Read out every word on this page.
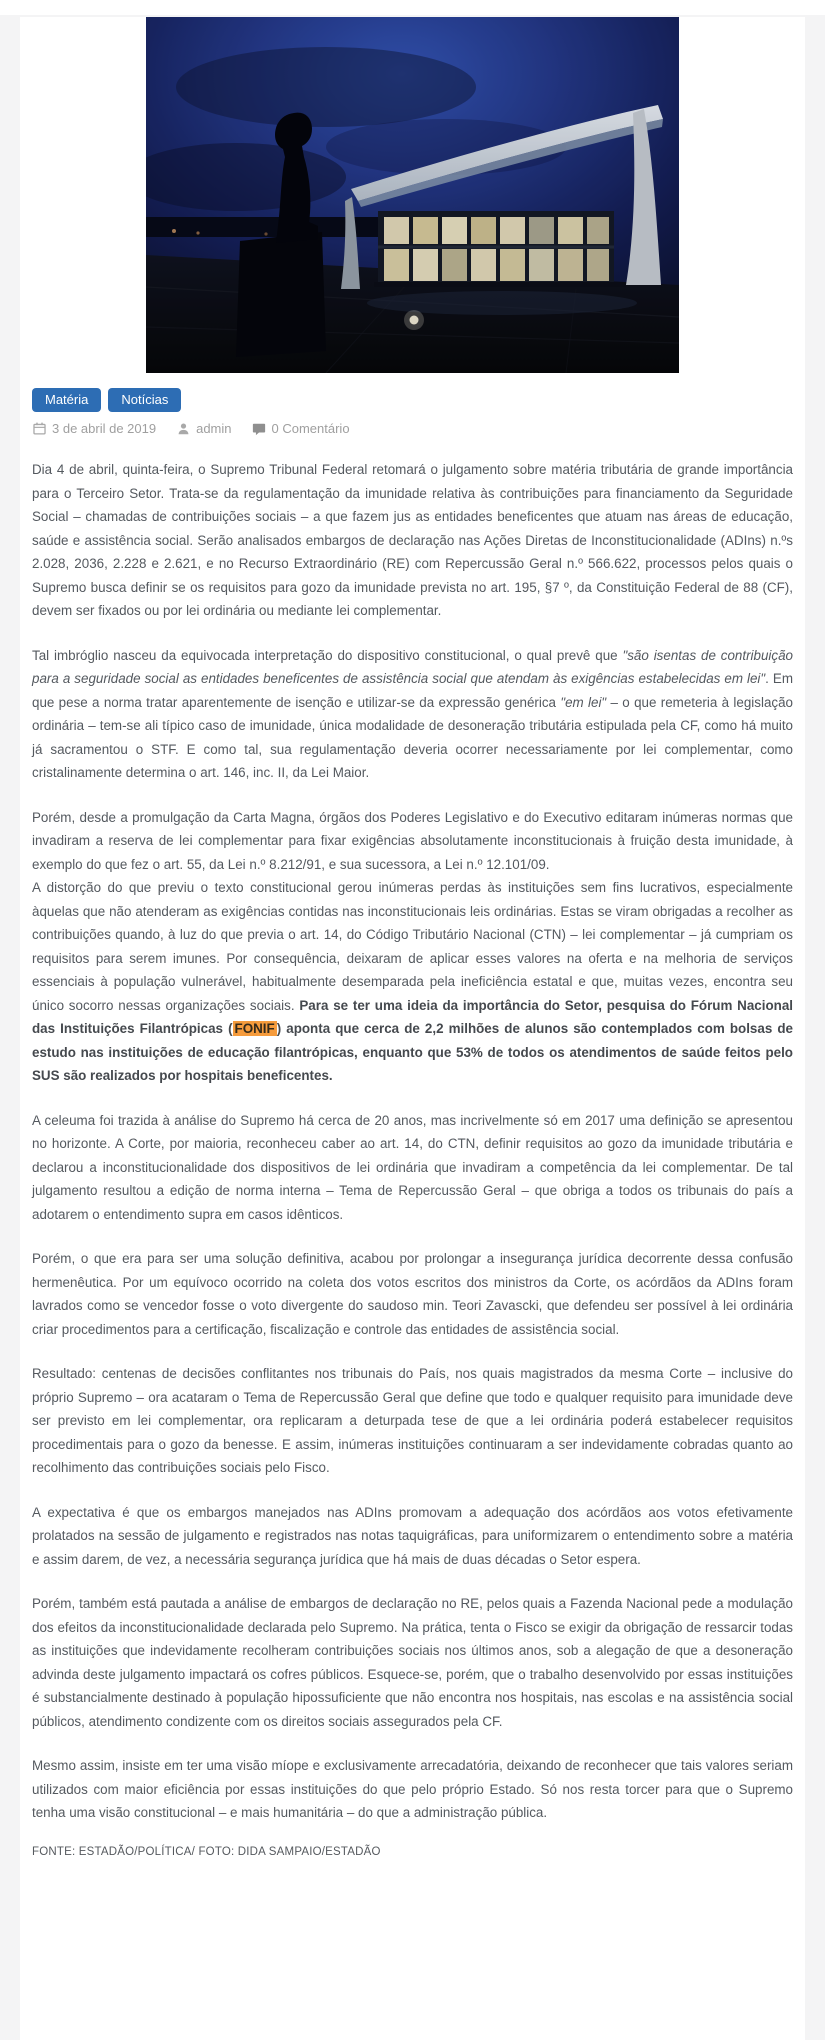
Matéria	Notícias
3 de abril de 2019	admin	0 Comentário

Dia 4 de abril, quinta-feira, o Supremo Tribunal Federal retomará o julgamento sobre matéria tributária de grande importância para o Terceiro Setor. Trata-se da regulamentação da imunidade relativa às contribuições para financiamento da Seguridade Social – chamadas de contribuições sociais – a que fazem jus as entidades beneficentes que atuam nas áreas de educação, saúde e assistência social. Serão analisados embargos de declaração nas Ações Diretas de Inconstitucionalidade (ADIns) n.ºs 2.028, 2036, 2.228 e 2.621, e no Recurso Extraordinário (RE) com Repercussão Geral n.º 566.622, processos pelos quais o Supremo busca definir se os requisitos para gozo da imunidade prevista no art. 195, §7 º, da Constituição Federal de 88 (CF), devem ser fixados ou por lei ordinária ou mediante lei complementar.

Tal imbróglio nasceu da equivocada interpretação do dispositivo constitucional, o qual prevê que "são isentas de contribuição para a seguridade social as entidades beneficentes de assistência social que atendam às exigências estabelecidas em lei". Em que pese a norma tratar aparentemente de isenção e utilizar-se da expressão genérica "em lei" – o que remeteria à legislação ordinária – tem-se ali típico caso de imunidade, única modalidade de desoneração tributária estipulada pela CF, como há muito já sacramentou o STF. E como tal, sua regulamentação deveria ocorrer necessariamente por lei complementar, como cristalinamente determina o art. 146, inc. II, da Lei Maior.

Porém, desde a promulgação da Carta Magna, órgãos dos Poderes Legislativo e do Executivo editaram inúmeras normas que invadiram a reserva de lei complementar para fixar exigências absolutamente inconstitucionais à fruição desta imunidade, à exemplo do que fez o art. 55, da Lei n.º 8.212/91, e sua sucessora, a Lei n.º 12.101/09.

A distorção do que previu o texto constitucional gerou inúmeras perdas às instituições sem fins lucrativos, especialmente àquelas que não atenderam as exigências contidas nas inconstitucionais leis ordinárias. Estas se viram obrigadas a recolher as contribuições quando, à luz do que previa o art. 14, do Código Tributário Nacional (CTN) – lei complementar – já cumpriam os requisitos para serem imunes. Por consequência, deixaram de aplicar esses valores na oferta e na melhoria de serviços essenciais à população vulnerável, habitualmente desemparada pela ineficiência estatal e que, muitas vezes, encontra seu único socorro nessas organizações sociais. Para se ter uma ideia da importância do Setor, pesquisa do Fórum Nacional das Instituições Filantrópicas ( FONIF ) aponta que cerca de 2,2 milhões de alunos são contemplados com bolsas de estudo nas instituições de educação filantrópicas, enquanto que 53% de todos os atendimentos de saúde feitos pelo SUS são realizados por hospitais beneficentes.

A celeuma foi trazida à análise do Supremo há cerca de 20 anos, mas incrivelmente só em 2017 uma definição se apresentou no horizonte. A Corte, por maioria, reconheceu caber ao art. 14, do CTN, definir requisitos ao gozo da imunidade tributária e declarou a inconstitucionalidade dos dispositivos de lei ordinária que invadiram a competência da lei complementar. De tal julgamento resultou a edição de norma interna – Tema de Repercussão Geral – que obriga a todos os tribunais do país a adotarem o entendimento supra em casos idênticos.

Porém, o que era para ser uma solução definitiva, acabou por prolongar a insegurança jurídica decorrente dessa confusão hermenêutica. Por um equívoco ocorrido na coleta dos votos escritos dos ministros da Corte, os acórdãos da ADIns foram lavrados como se vencedor fosse o voto divergente do saudoso min. Teori Zavascki, que defendeu ser possível à lei ordinária criar procedimentos para a certificação, fiscalização e controle das entidades de assistência social.

Resultado: centenas de decisões conflitantes nos tribunais do País, nos quais magistrados da mesma Corte – inclusive do próprio Supremo – ora acataram o Tema de Repercussão Geral que define que todo e qualquer requisito para imunidade deve ser previsto em lei complementar, ora replicaram a deturpada tese de que a lei ordinária poderá estabelecer requisitos procedimentais para o gozo da benesse. E assim, inúmeras instituições continuaram a ser indevidamente cobradas quanto ao recolhimento das contribuições sociais pelo Fisco.

A expectativa é que os embargos manejados nas ADIns promovam a adequação dos acórdãos aos votos efetivamente prolatados na sessão de julgamento e registrados nas notas taquigráficas, para uniformizarem o entendimento sobre a matéria e assim darem, de vez, a necessária segurança jurídica que há mais de duas décadas o Setor espera.

Porém, também está pautada a análise de embargos de declaração no RE, pelos quais a Fazenda Nacional pede a modulação dos efeitos da inconstitucionalidade declarada pelo Supremo. Na prática, tenta o Fisco se exigir da obrigação de ressarcir todas as instituições que indevidamente recolheram contribuições sociais nos últimos anos, sob a alegação de que a desoneração advinda deste julgamento impactará os cofres públicos. Esquece-se, porém, que o trabalho desenvolvido por essas instituições é substancialmente destinado à população hipossuficiente que não encontra nos hospitais, nas escolas e na assistência social públicos, atendimento condizente com os direitos sociais assegurados pela CF.

Mesmo assim, insiste em ter uma visão míope e exclusivamente arrecadatória, deixando de reconhecer que tais valores seriam utilizados com maior eficiência por essas instituições do que pelo próprio Estado. Só nos resta torcer para que o Supremo tenha uma visão constitucional – e mais humanitária – do que a administração pública.

FONTE: ESTADÃO/POLÍTICA/ FOTO: DIDA SAMPAIO/ESTADÃO
